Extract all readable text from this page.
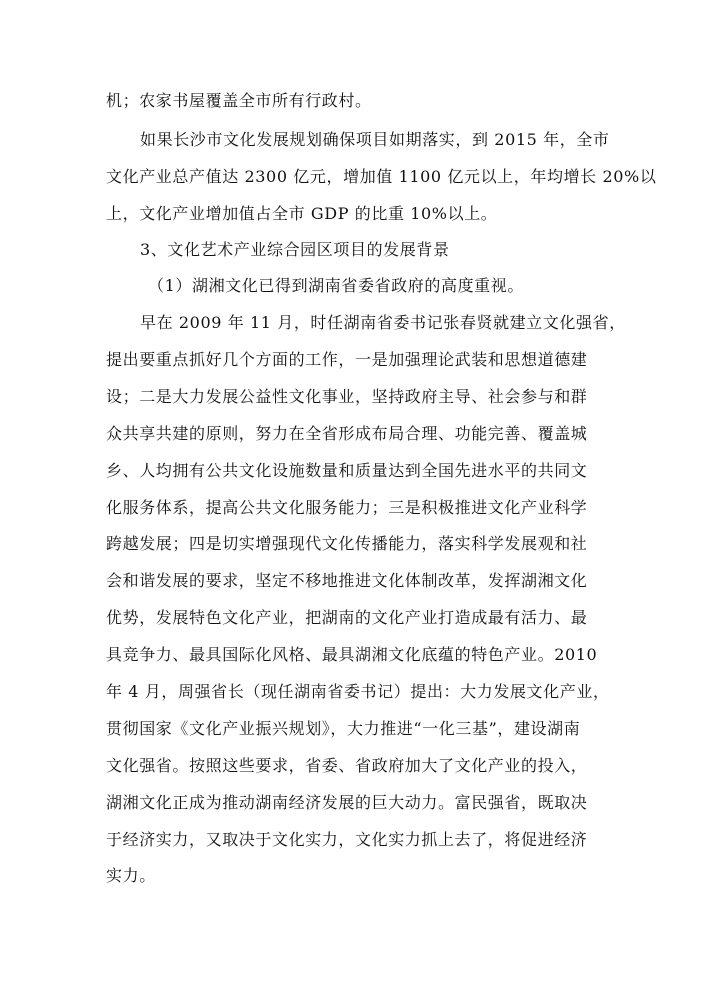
机；农家书屋覆盖全市所有行政村。
如果长沙市文化发展规划确保项目如期落实，到 2015 年，全市
文化产业总产值达 2300 亿元，增加值 1100 亿元以上，年均增长 20%以
上，文化产业增加值占全市 GDP 的比重 10%以上。
3、文化艺术产业综合园区项目的发展背景
（1）湖湘文化已得到湖南省委省政府的高度重视。
早在 2009 年 11 月，时任湖南省委书记张春贤就建立文化强省，
提出要重点抓好几个方面的工作，一是加强理论武装和思想道德建
设；二是大力发展公益性文化事业，坚持政府主导、社会参与和群
众共享共建的原则，努力在全省形成布局合理、功能完善、覆盖城
乡、人均拥有公共文化设施数量和质量达到全国先进水平的共同文
化服务体系，提高公共文化服务能力；三是积极推进文化产业科学
跨越发展；四是切实增强现代文化传播能力，落实科学发展观和社
会和谐发展的要求，坚定不移地推进文化体制改革，发挥湖湘文化
优势，发展特色文化产业，把湖南的文化产业打造成最有活力、最
具竞争力、最具国际化风格、最具湖湘文化底蕴的特色产业。2010
年 4 月，周强省长（现任湖南省委书记）提出：大力发展文化产业，
贯彻国家《文化产业振兴规划》，大力推进“一化三基”，建设湖南
文化强省。按照这些要求，省委、省政府加大了文化产业的投入，
湖湘文化正成为推动湖南经济发展的巨大动力。富民强省，既取决
于经济实力，又取决于文化实力，文化实力抓上去了，将促进经济
实力。
